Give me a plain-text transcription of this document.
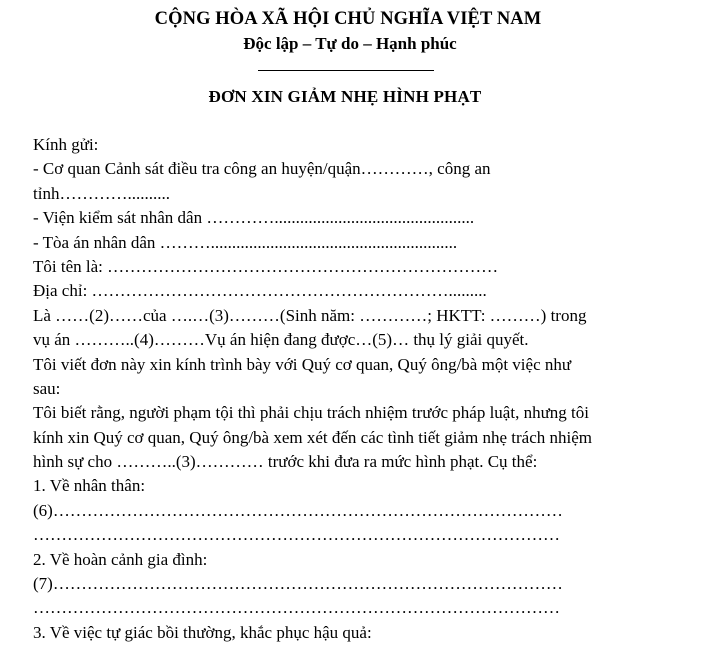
CỘNG HÒA XÃ HỘI CHỦ NGHĨA VIỆT NAM
Độc lập – Tự do – Hạnh phúc
ĐƠN XIN GIẢM NHẸ HÌNH PHẠT
Kính gửi:
- Cơ quan Cảnh sát điều tra công an huyện/quận…………, công an
tỉnh…………..........
- Viện kiểm sát nhân dân …………...............................................
- Tòa án nhân dân ………..........................................................
Tôi tên là: ……………………………………………………………
Địa chỉ: ……………………………………………………….........
Là ……(2)……của ….…(3)………(Sinh năm: …………; HKTT: ………) trong
vụ án ………..(4)………Vụ án hiện đang được…(5)… thụ lý giải quyết.
Tôi viết đơn này xin kính trình bày với Quý cơ quan, Quý ông/bà một việc như
sau:
Tôi biết rằng, người phạm tội thì phải chịu trách nhiệm trước pháp luật, nhưng tôi
kính xin Quý cơ quan, Quý ông/bà xem xét đến các tình tiết giảm nhẹ trách nhiệm
hình sự cho ………..(3)………… trước khi đưa ra mức hình phạt. Cụ thể:
1. Về nhân thân:
(6)………………………………………………………………………………
…………………………………………………………………………………
2. Về hoàn cảnh gia đình:
(7)………………………………………………………………………………
…………………………………………………………………………………
3. Về việc tự giác bồi thường, khắc phục hậu quả:
